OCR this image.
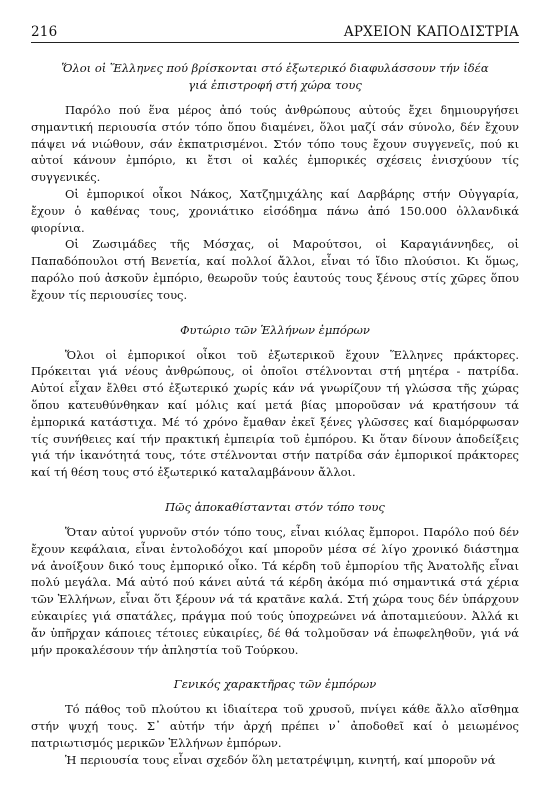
216	ΑΡΧΕΙΟΝ ΚΑΠΟΔΙΣΤΡΙΑ
Ὅλοι οἱ Ἕλληνες πού βρίσκονται στό ἐξωτερικό διαφυλάσσουν τήν ἰδέα γιά ἐπιστροφή στή χώρα τους

Παρόλο πού ἕνα μέρος ἀπό τούς ἀνθρώπους αὐτούς ἔχει δημιουργήσει σημαντική περιουσία στόν τόπο ὅπου διαμένει, ὅλοι μαζί σάν σύνολο, δέν ἔχουν πάψει νά νιώθουν, σάν ἐκπατρισμένοι. Στόν τόπο τους ἔχουν συγγενεῖς, πού κι αὐτοί κάνουν ἐμπόριο, κι ἔτσι οἱ καλές ἐμπορικές σχέσεις ἐνισχύουν τίς συγγενικές.

Οἱ ἐμπορικοί οἶκοι Νάκος, Χατζημιχάλης καί Δαρβάρης στήν Οὐγγαρία, ἔχουν ὁ καθένας τους, χρονιάτικο εἰσόδημα πάνω ἀπό 150.000 ὀλλανδικά φιορίνια.

Οἱ Ζωσιμάδες τῆς Μόσχας, οἱ Μαρούτσοι, οἱ Καραγιάννηδες, οἱ Παπαδόπουλοι στή Βενετία, καί πολλοί ἄλλοι, εἶναι τό ἴδιο πλούσιοι. Κι ὅμως, παρόλο πού ἀσκοῦν ἐμπόριο, θεωροῦν τούς ἑαυτούς τους ξένους στίς χῶρες ὅπου ἔχουν τίς περιουσίες τους.

Φυτώριο τῶν Ἑλλήνων ἐμπόρων

Ὅλοι οἱ ἐμπορικοί οἶκοι τοῦ ἐξωτερικοῦ ἔχουν Ἕλληνες πράκτορες. Πρόκειται γιά νέους ἀνθρώπους, οἱ ὁποῖοι στέλνονται στή μητέρα - πατρίδα. Αὐτοί εἶχαν ἔλθει στό ἐξωτερικό χωρίς κάν νά γνωρίζουν τή γλώσσα τῆς χώρας ὅπου κατευθύνθηκαν καί μόλις καί μετά βίας μποροῦσαν νά κρατήσουν τά ἐμπορικά κατάστιχα. Μέ τό χρόνο ἔμαθαν ἐκεῖ ξένες γλῶσσες καί διαμόρφωσαν τίς συνήθειες καί τήν πρακτική ἐμπειρία τοῦ ἐμπόρου. Κι ὅταν δίνουν ἀποδείξεις γιά τήν ἱκανότητά τους, τότε στέλνονται στήν πατρίδα σάν ἐμπορικοί πράκτορες καί τή θέση τους στό ἐξωτερικό καταλαμβάνουν ἄλλοι.

Πῶς ἀποκαθίστανται στόν τόπο τους

Ὅταν αὐτοί γυρνοῦν στόν τόπο τους, εἶναι κιόλας ἔμποροι. Παρόλο πού δέν ἔχουν κεφάλαια, εἶναι ἐντολοδόχοι καί μποροῦν μέσα σέ λίγο χρονικό διάστημα νά ἀνοίξουν δικό τους ἐμπορικό οἶκο. Τά κέρδη τοῦ ἐμπορίου τῆς Ἀνατολῆς εἶναι πολύ μεγάλα. Μά αὐτό πού κάνει αὐτά τά κέρδη ἀκόμα πιό σημαντικά στά χέρια τῶν Ἑλλήνων, εἶναι ὅτι ξέρουν νά τά κρατᾶνε καλά. Στή χώρα τους δέν ὑπάρχουν εὐκαιρίες γιά σπατάλες, πράγμα πού τούς ὑποχρεώνει νά ἀποταμιεύουν. Ἀλλά κι ἄν ὑπῆρχαν κάποιες τέτοιες εὐκαιρίες, δέ θά τολμοῦσαν νά ἐπωφεληθοῦν, γιά νά μήν προκαλέσουν τήν ἀπληστία τοῦ Τούρκου.

Γενικός χαρακτῆρας τῶν ἐμπόρων

Τό πάθος τοῦ πλούτου κι ἰδιαίτερα τοῦ χρυσοῦ, πνίγει κάθε ἄλλο αἴσθημα στήν ψυχή τους. Σ᾽ αὐτήν τήν ἀρχή πρέπει ν᾽ ἀποδοθεῖ καί ὁ μειωμένος πατριωτισμός μερικῶν Ἑλλήνων ἐμπόρων.

Ἡ περιουσία τους εἶναι σχεδόν ὅλη μετατρέψιμη, κινητή, καί μποροῦν νά
